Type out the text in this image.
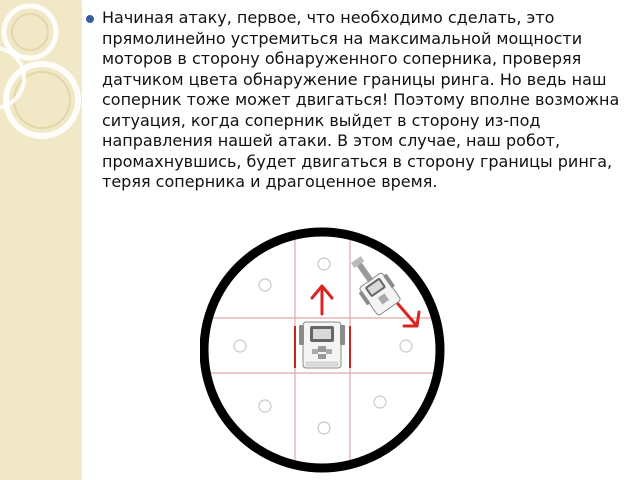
Начиная атаку, первое, что необходимо сделать, это прямолинейно устремиться на максимальной мощности моторов в сторону обнаруженного соперника, проверяя датчиком цвета обнаружение границы ринга. Но ведь наш соперник тоже может двигаться! Поэтому вполне возможна ситуация, когда соперник выйдет в сторону из-под направления нашей атаки. В этом случае, наш робот, промахнувшись, будет двигаться в сторону границы ринга, теряя соперника и драгоценное время.
